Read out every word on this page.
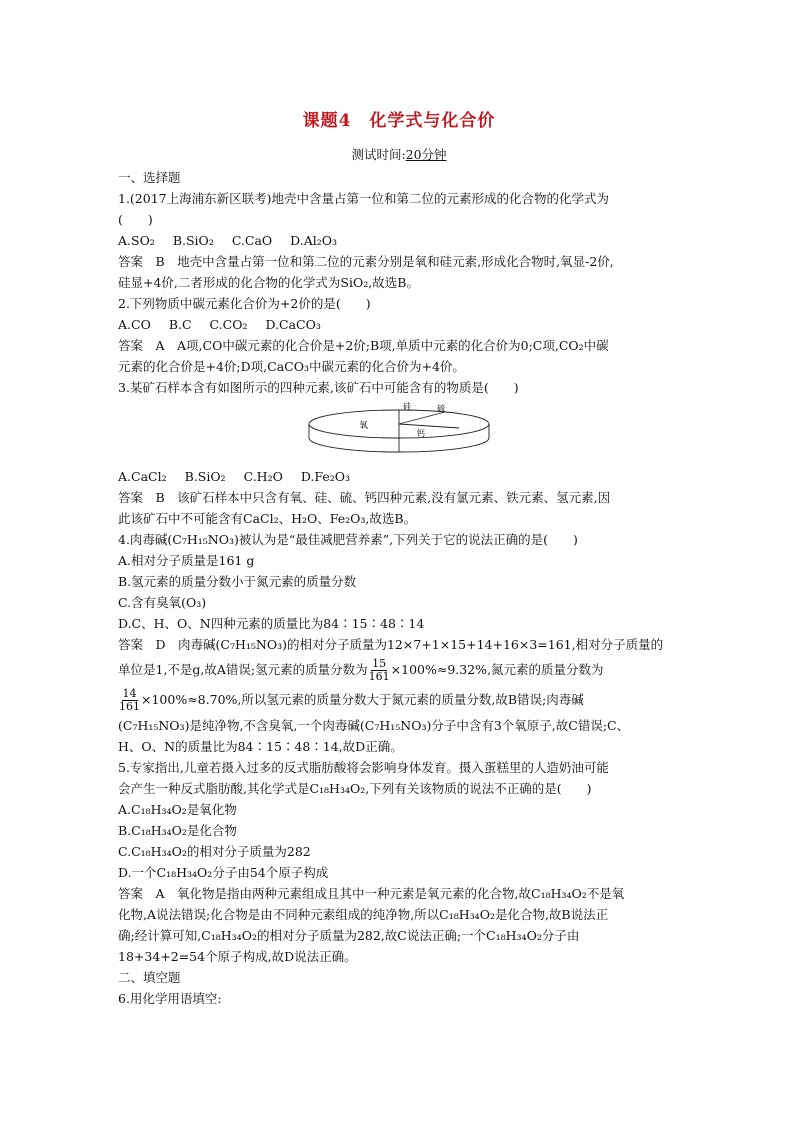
课题4　化学式与化合价
测试时间:20分钟
一、选择题
1.(2017上海浦东新区联考)地壳中含量占第一位和第二位的元素形成的化合物的化学式为
(　　)
A.SO₂ B.SiO₂ C.CaO D.Al₂O₃
答案　B　地壳中含量占第一位和第二位的元素分别是氧和硅元素,形成化合物时,氧显-2价,
硅显+4价,二者形成的化合物的化学式为SiO₂,故选B。
2.下列物质中碳元素化合价为+2价的是(　　)
A.CO B.C C.CO₂ D.CaCO₃
答案　A　A项,CO中碳元素的化合价是+2价;B项,单质中元素的化合价为0;C项,CO₂中碳
元素的化合价是+4价;D项,CaCO₃中碳元素的化合价为+4价。
3.某矿石样本含有如图所示的四种元素,该矿石中可能含有的物质是(　　)
氧
硅	硫
钙
A.CaCl₂ B.SiO₂ C.H₂O D.Fe₂O₃
答案　B　该矿石样本中只含有氧、硅、硫、钙四种元素,没有氯元素、铁元素、氢元素,因
此该矿石中不可能含有CaCl₂、H₂O、Fe₂O₃,故选B。
4.肉毒碱(C₇H₁₅NO₃)被认为是“最佳减肥营养素”,下列关于它的说法正确的是(　　)
A.相对分子质量是161 g
B.氢元素的质量分数小于氮元素的质量分数
C.含有臭氧(O₃)
D.C、H、O、N四种元素的质量比为84∶15∶48∶14
答案　D　肉毒碱(C₇H₁₅NO₃)的相对分子质量为12×7+1×15+14+16×3=161,相对分子质量的
单位是1,不是g,故A错误;氢元素的质量分数为 $\frac{15}{161} \times 100\%\approx 9.32\%$,氮元素的质量分数为
$\frac{14}{161} \times 100\%\approx 8.70\%$,所以氢元素的质量分数大于氮元素的质量分数,故B错误;肉毒碱
(C₇H₁₅NO₃)是纯净物,不含臭氧,一个肉毒碱(C₇H₁₅NO₃)分子中含有3个氧原子,故C错误;C、
H、O、N的质量比为84∶15∶48∶14,故D正确。
5.专家指出,儿童若摄入过多的反式脂肪酸将会影响身体发育。摄入蛋糕里的人造奶油可能
会产生一种反式脂肪酸,其化学式是C₁₈H₃₄O₂,下列有关该物质的说法不正确的是(　　)
A.C₁₈H₃₄O₂是氧化物
B.C₁₈H₃₄O₂是化合物
C.C₁₈H₃₄O₂的相对分子质量为282
D.一个C₁₈H₃₄O₂分子由54个原子构成
答案　A　氧化物是指由两种元素组成且其中一种元素是氧元素的化合物,故C₁₈H₃₄O₂不是氧
化物,A说法错误;化合物是由不同种元素组成的纯净物,所以C₁₈H₃₄O₂是化合物,故B说法正
确;经计算可知,C₁₈H₃₄O₂的相对分子质量为282,故C说法正确;一个C₁₈H₃₄O₂分子由
18+34+2=54个原子构成,故D说法正确。
二、填空题
6.用化学用语填空:
